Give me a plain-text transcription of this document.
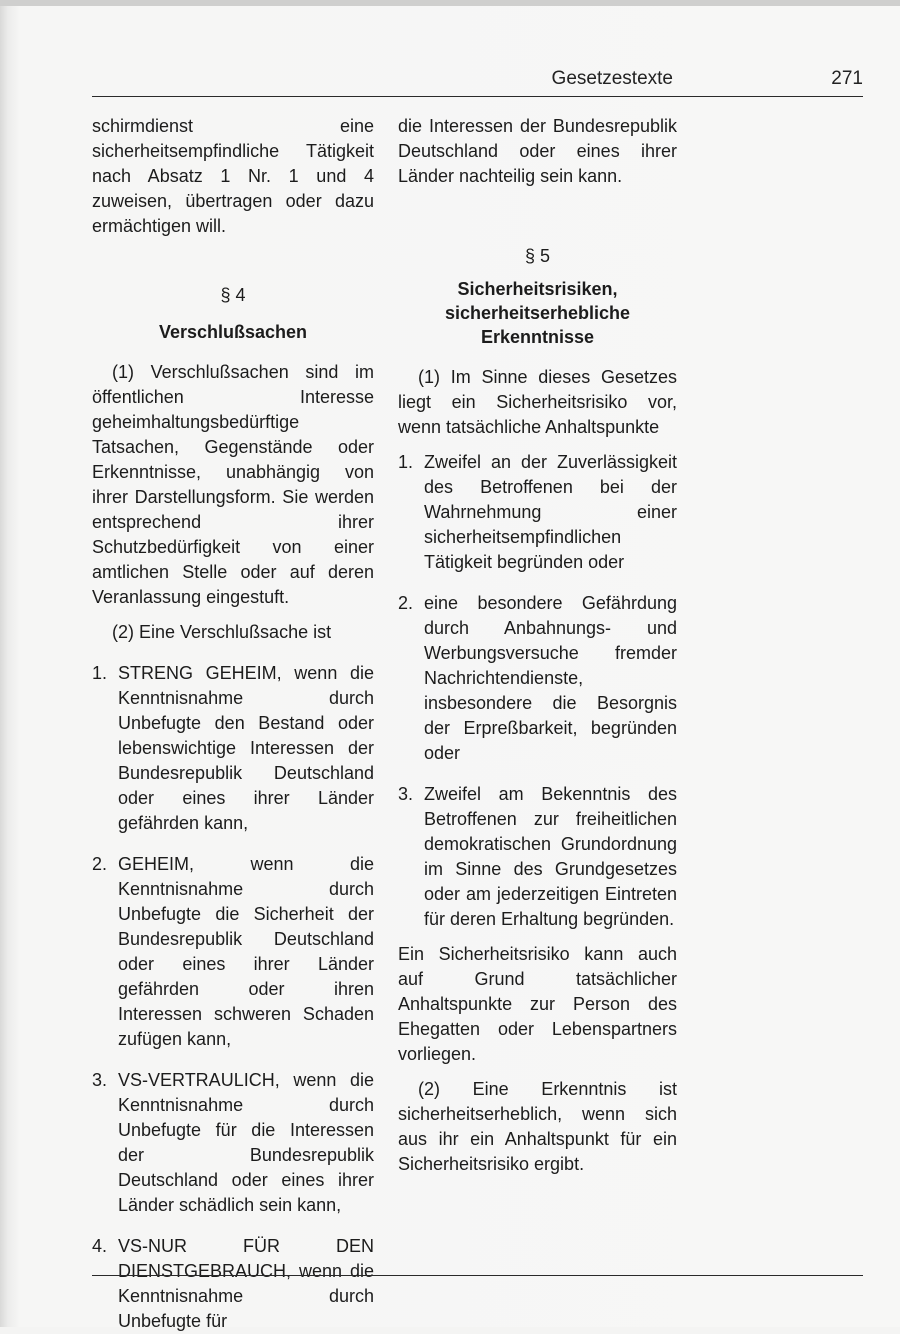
Gesetzestexte	271

schirmdienst eine sicherheitsempfindliche Tätigkeit nach Absatz 1 Nr. 1 und 4 zuweisen, übertragen oder dazu ermächtigen will.

§ 4

Verschlußsachen

(1) Verschlußsachen sind im öffentlichen Interesse geheimhaltungsbedürftige Tatsachen, Gegenstände oder Erkenntnisse, unabhängig von ihrer Darstellungsform. Sie werden entsprechend ihrer Schutzbedürfigkeit von einer amtlichen Stelle oder auf deren Veranlassung eingestuft.

(2) Eine Verschlußsache ist

1. STRENG GEHEIM, wenn die Kenntnisnahme durch Unbefugte den Bestand oder lebenswichtige Interessen der Bundesrepublik Deutschland oder eines ihrer Länder gefährden kann,
2. GEHEIM, wenn die Kenntnisnahme durch Unbefugte die Sicherheit der Bundesrepublik Deutschland oder eines ihrer Länder gefährden oder ihren Interessen schweren Schaden zufügen kann,
3. VS-VERTRAULICH, wenn die Kenntnisnahme durch Unbefugte für die Interessen der Bundesrepublik Deutschland oder eines ihrer Länder schädlich sein kann,
4. VS-NUR FÜR DEN DIENSTGEBRAUCH, wenn die Kenntnisnahme durch Unbefugte für

die Interessen der Bundesrepublik Deutschland oder eines ihrer Länder nachteilig sein kann.

§ 5

Sicherheitsrisiken, sicherheitserhebliche Erkenntnisse

(1) Im Sinne dieses Gesetzes liegt ein Sicherheitsrisiko vor, wenn tatsächliche Anhaltspunkte

1. Zweifel an der Zuverlässigkeit des Betroffenen bei der Wahrnehmung einer sicherheitsempfindlichen Tätigkeit begründen oder
2. eine besondere Gefährdung durch Anbahnungs- und Werbungsversuche fremder Nachrichtendienste, insbesondere die Besorgnis der Erpreßbarkeit, begründen oder
3. Zweifel am Bekenntnis des Betroffenen zur freiheitlichen demokratischen Grundordnung im Sinne des Grundgesetzes oder am jederzeitigen Eintreten für deren Erhaltung begründen.

Ein Sicherheitsrisiko kann auch auf Grund tatsächlicher Anhaltspunkte zur Person des Ehegatten oder Lebenspartners vorliegen.

(2) Eine Erkenntnis ist sicherheitserheblich, wenn sich aus ihr ein Anhaltspunkt für ein Sicherheitsrisiko ergibt.
